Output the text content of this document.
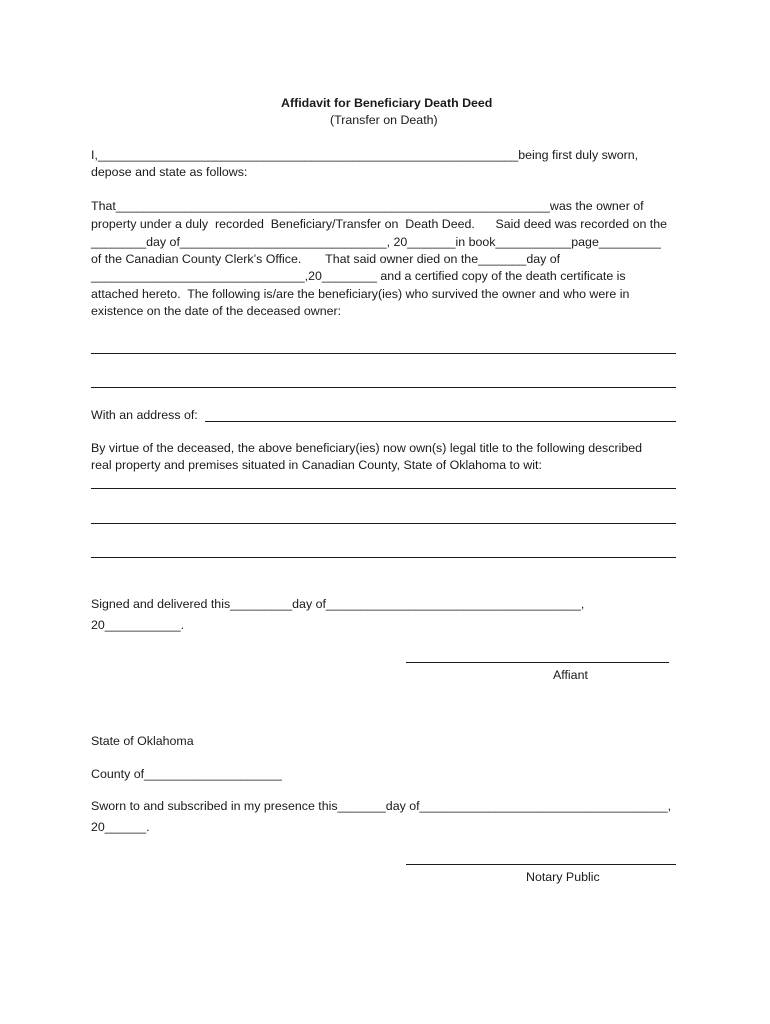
Affidavit for Beneficiary Death Deed
(Transfer on Death)
I,_____________________________________________________________being first duly sworn,
depose and state as follows:
That_______________________________________________________________was the owner of
property under a duly  recorded  Beneficiary/Transfer on  Death Deed.      Said deed was recorded on the
________day of______________________________, 20_______in book___________page_________
of the Canadian County Clerk’s Office.       That said owner died on the_______day of
_______________________________,20________ and a certified copy of the death certificate is
attached hereto.  The following is/are the beneficiary(ies) who survived the owner and who were in
existence on the date of the deceased owner:
With an address of:
By virtue of the deceased, the above beneficiary(ies) now own(s) legal title to the following described
real property and premises situated in Canadian County, State of Oklahoma to wit:
Signed and delivered this_________day of_____________________________________,
20___________.
Affiant
State of Oklahoma
County of____________________
Sworn to and subscribed in my presence this_______day of____________________________________,
20______.
Notary Public
